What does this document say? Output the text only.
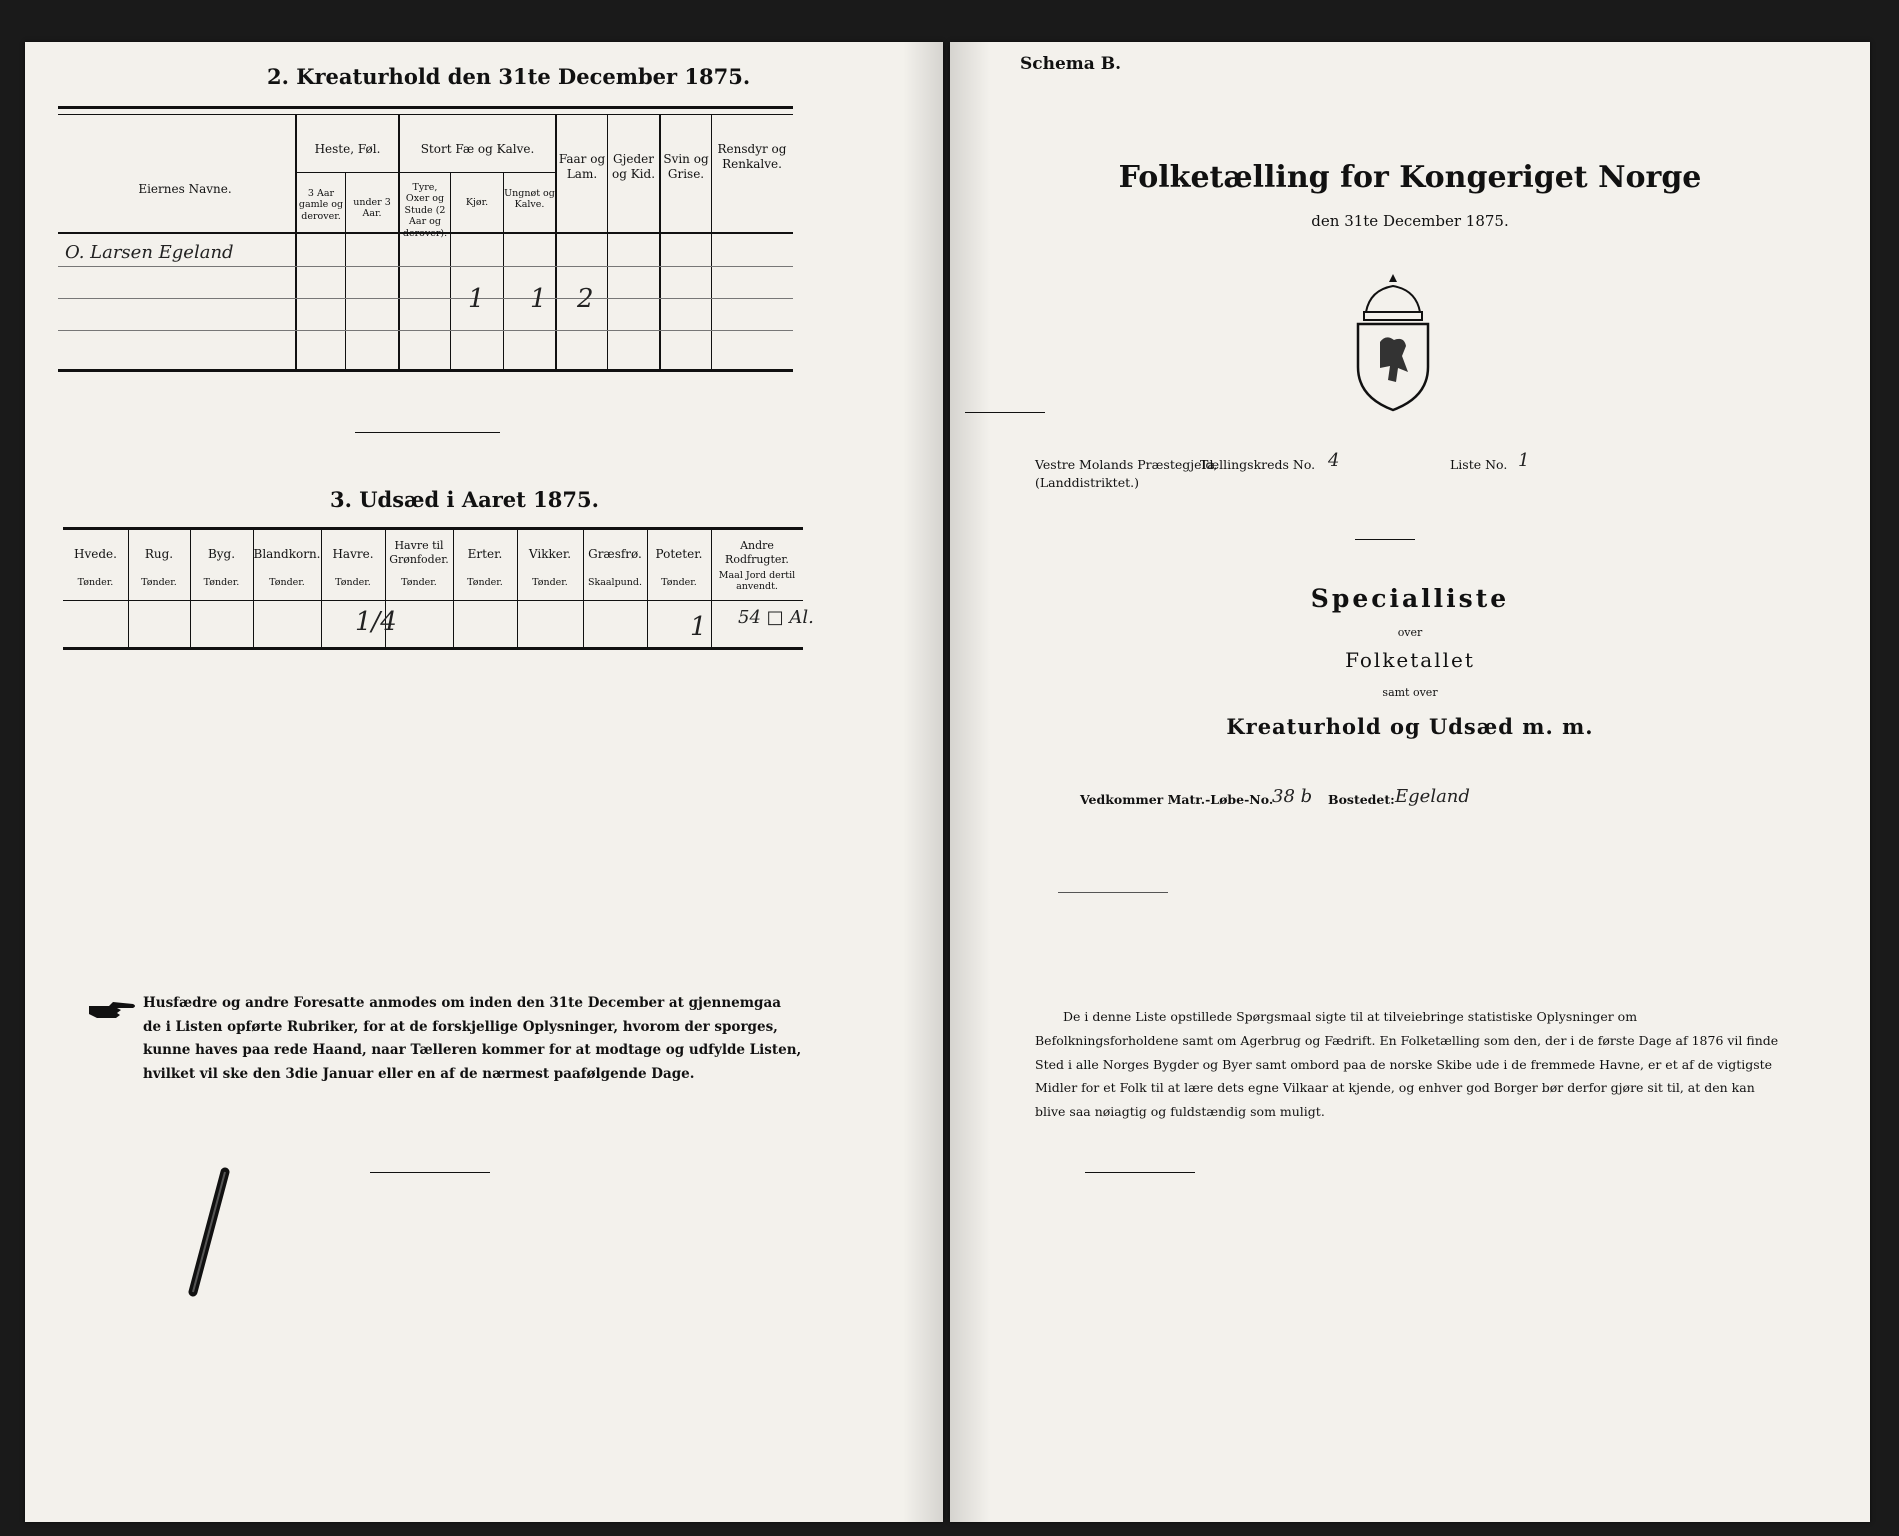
2. Kreaturhold den 31te December 1875.
Eiernes Navne.
Heste, Føl.
3 Aar gamle og derover.
under 3 Aar.
Stort Fæ og Kalve.
Tyre, Oxer og Stude (2 Aar og derover).
Kjør.
Ungnøt og Kalve.
Faar og Lam.
Gjeder og Kid.
Svin og Grise.
Rensdyr og Renkalve.
O. Larsen Egeland
1 1 2
3. Udsæd i Aaret 1875.
Hvede.
Tønder.
Rug.
Tønder.
Byg.
Tønder.
Blandkorn.
Tønder.
Havre.
Tønder.
Havre til Grønfoder.
Tønder.
Erter.
Tønder.
Vikker.
Tønder.
Græsfrø.
Skaalpund.
Poteter.
Tønder.
Andre Rodfrugter.
Maal Jord dertil anvendt.
1/4	1 54 □ Al.
Husfædre og andre Foresatte anmodes om inden den 31te December at gjennemgaa de i Listen opførte Rubriker, for at de forskjellige Oplysninger, hvorom der sporges, kunne haves paa rede Haand, naar Tælleren kommer for at modtage og udfylde Listen, hvilket vil ske den 3die Januar eller en af de nærmest paafølgende Dage.
Schema B.
Folketælling for Kongeriget Norge
den 31te December 1875.
Vestre Molands Præstegjeld,
(Landdistriktet.)
Tællingskreds No. 4	Liste No. 1
Specialliste
over
Folketallet
samt over
Kreaturhold og Udsæd m. m.
Vedkommer Matr.-Løbe-No.
38 b Bostedet: Egeland
De i denne Liste opstillede Spørgsmaal sigte til at tilveiebringe statistiske Oplysninger om Befolkningsforholdene samt om Agerbrug og Fædrift. En Folketælling som den, der i de første Dage af 1876 vil finde Sted i alle Norges Bygder og Byer samt ombord paa de norske Skibe ude i de fremmede Havne, er et af de vigtigste Midler for et Folk til at lære dets egne Vilkaar at kjende, og enhver god Borger bør derfor gjøre sit til, at den kan blive saa nøiagtig og fuldstændig som muligt.
